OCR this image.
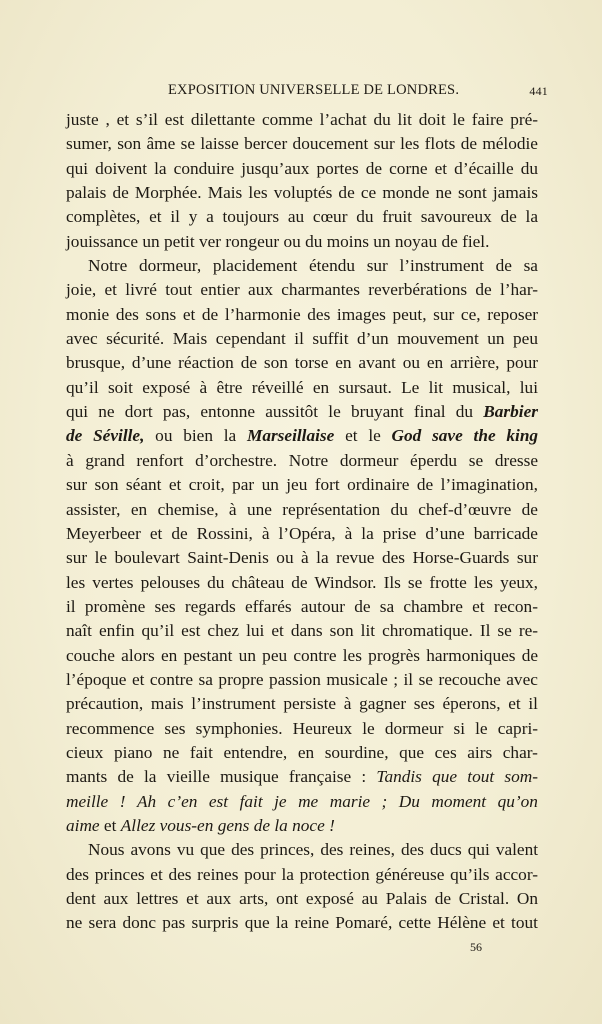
EXPOSITION UNIVERSELLE DE LONDRES.	441
juste , et s’il est dilettante comme l’achat du lit doit le faire pré-
sumer, son âme se laisse bercer doucement sur les flots de mélodie
qui doivent la conduire jusqu’aux portes de corne et d’écaille du
palais de Morphée. Mais les voluptés de ce monde ne sont jamais
complètes, et il y a toujours au cœur du fruit savoureux de la
jouissance un petit ver rongeur ou du moins un noyau de fiel.
Notre dormeur, placidement étendu sur l’instrument de sa
joie, et livré tout entier aux charmantes reverbérations de l’har-
monie des sons et de l’harmonie des images peut, sur ce, reposer
avec sécurité. Mais cependant il suffit d’un mouvement un peu
brusque, d’une réaction de son torse en avant ou en arrière, pour
qu’il soit exposé à être réveillé en sursaut. Le lit musical, lui
qui ne dort pas, entonne aussitôt le bruyant final du Barbier
de Séville, ou bien la Marseillaise et le God save the king
à grand renfort d’orchestre. Notre dormeur éperdu se dresse
sur son séant et croit, par un jeu fort ordinaire de l’imagination,
assister, en chemise, à une représentation du chef-d’œuvre de
Meyerbeer et de Rossini, à l’Opéra, à la prise d’une barricade
sur le boulevart Saint-Denis ou à la revue des Horse-Guards sur
les vertes pelouses du château de Windsor. Ils se frotte les yeux,
il promène ses regards effarés autour de sa chambre et recon-
naît enfin qu’il est chez lui et dans son lit chromatique. Il se re-
couche alors en pestant un peu contre les progrès harmoniques de
l’époque et contre sa propre passion musicale ; il se recouche avec
précaution, mais l’instrument persiste à gagner ses éperons, et il
recommence ses symphonies. Heureux le dormeur si le capri-
cieux piano ne fait entendre, en sourdine, que ces airs char-
mants de la vieille musique française : Tandis que tout som-
meille ! Ah c’en est fait je me marie ; Du moment qu’on
aime et Allez vous-en gens de la noce !
Nous avons vu que des princes, des reines, des ducs qui valent
des princes et des reines pour la protection généreuse qu’ils accor-
dent aux lettres et aux arts, ont exposé au Palais de Cristal. On
ne sera donc pas surpris que la reine Pomaré, cette Hélène et tout
56
